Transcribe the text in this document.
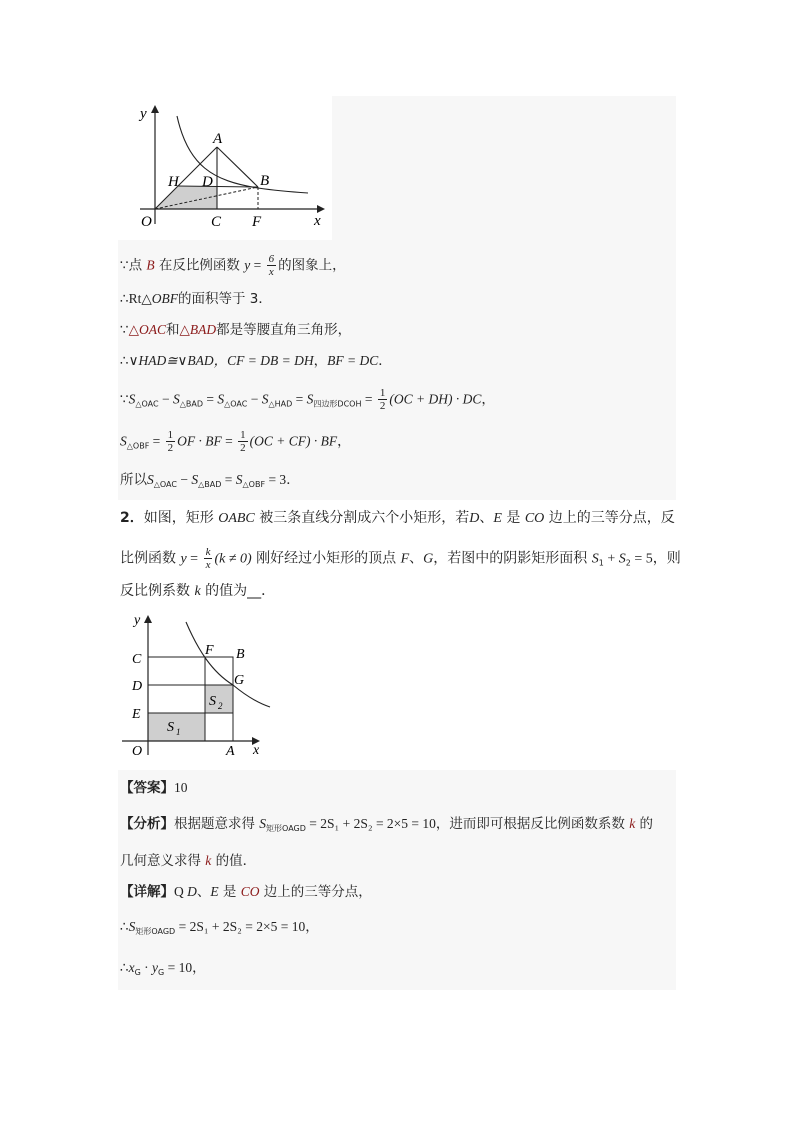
y
A
H D	B
O	C F	x
∵点 B 在反比例函数 $y = \frac{6}{x}$ 的图象上，
∴Rt△OBF的面积等于 3．
∵△OAC和△BAD都是等腰直角三角形，
∴∨HAD≅∨BAD，CF = DB = DH，BF = DC．
$\because S_{\triangle OAC} - S_{\triangle BAD} = S_{\triangle OAC} - S_{\triangle HAD} = S_{四边形DCOH} = \frac{1}{2} (OC + DH)$ · DC，
$S_{\triangle OBF} = \frac{1}{2}$ OF · BF = $\frac{1}{2} (OC + CF)$ · BF，
所以$S_{\triangle OAC} - S_{\triangle BAD} = S_{\triangle OBF} = 3$．
2．如图，矩形 OABC 被三条直线分割成六个小矩形，若D、E 是 CO 边上的三等分点，反
比例函数 $y = \frac{k}{x} (k \ne 0)$ 刚好经过小矩形的顶点 F、G，若图中的阴影矩形面积 $S_1 + S_2 = 5$，则
反比例系数 k 的值为__．
y
C
F B
D	G
E
S 2
S 1
O	A x
【答案】10
【分析】根据题意求得 $S_{矩形OAGD} = 2S_1 + 2S_2 = 2\times 5 = 10$，进而即可根据反比例函数系数 k 的
几何意义求得 k 的值．
【详解】Q D、E 是 CO 边上的三等分点，
$\therefore S_{矩形OAGD} = 2S_1 + 2S_2 = 2\times 5 = 10$，
$\therefore x_G \cdot y_G = 10$，
